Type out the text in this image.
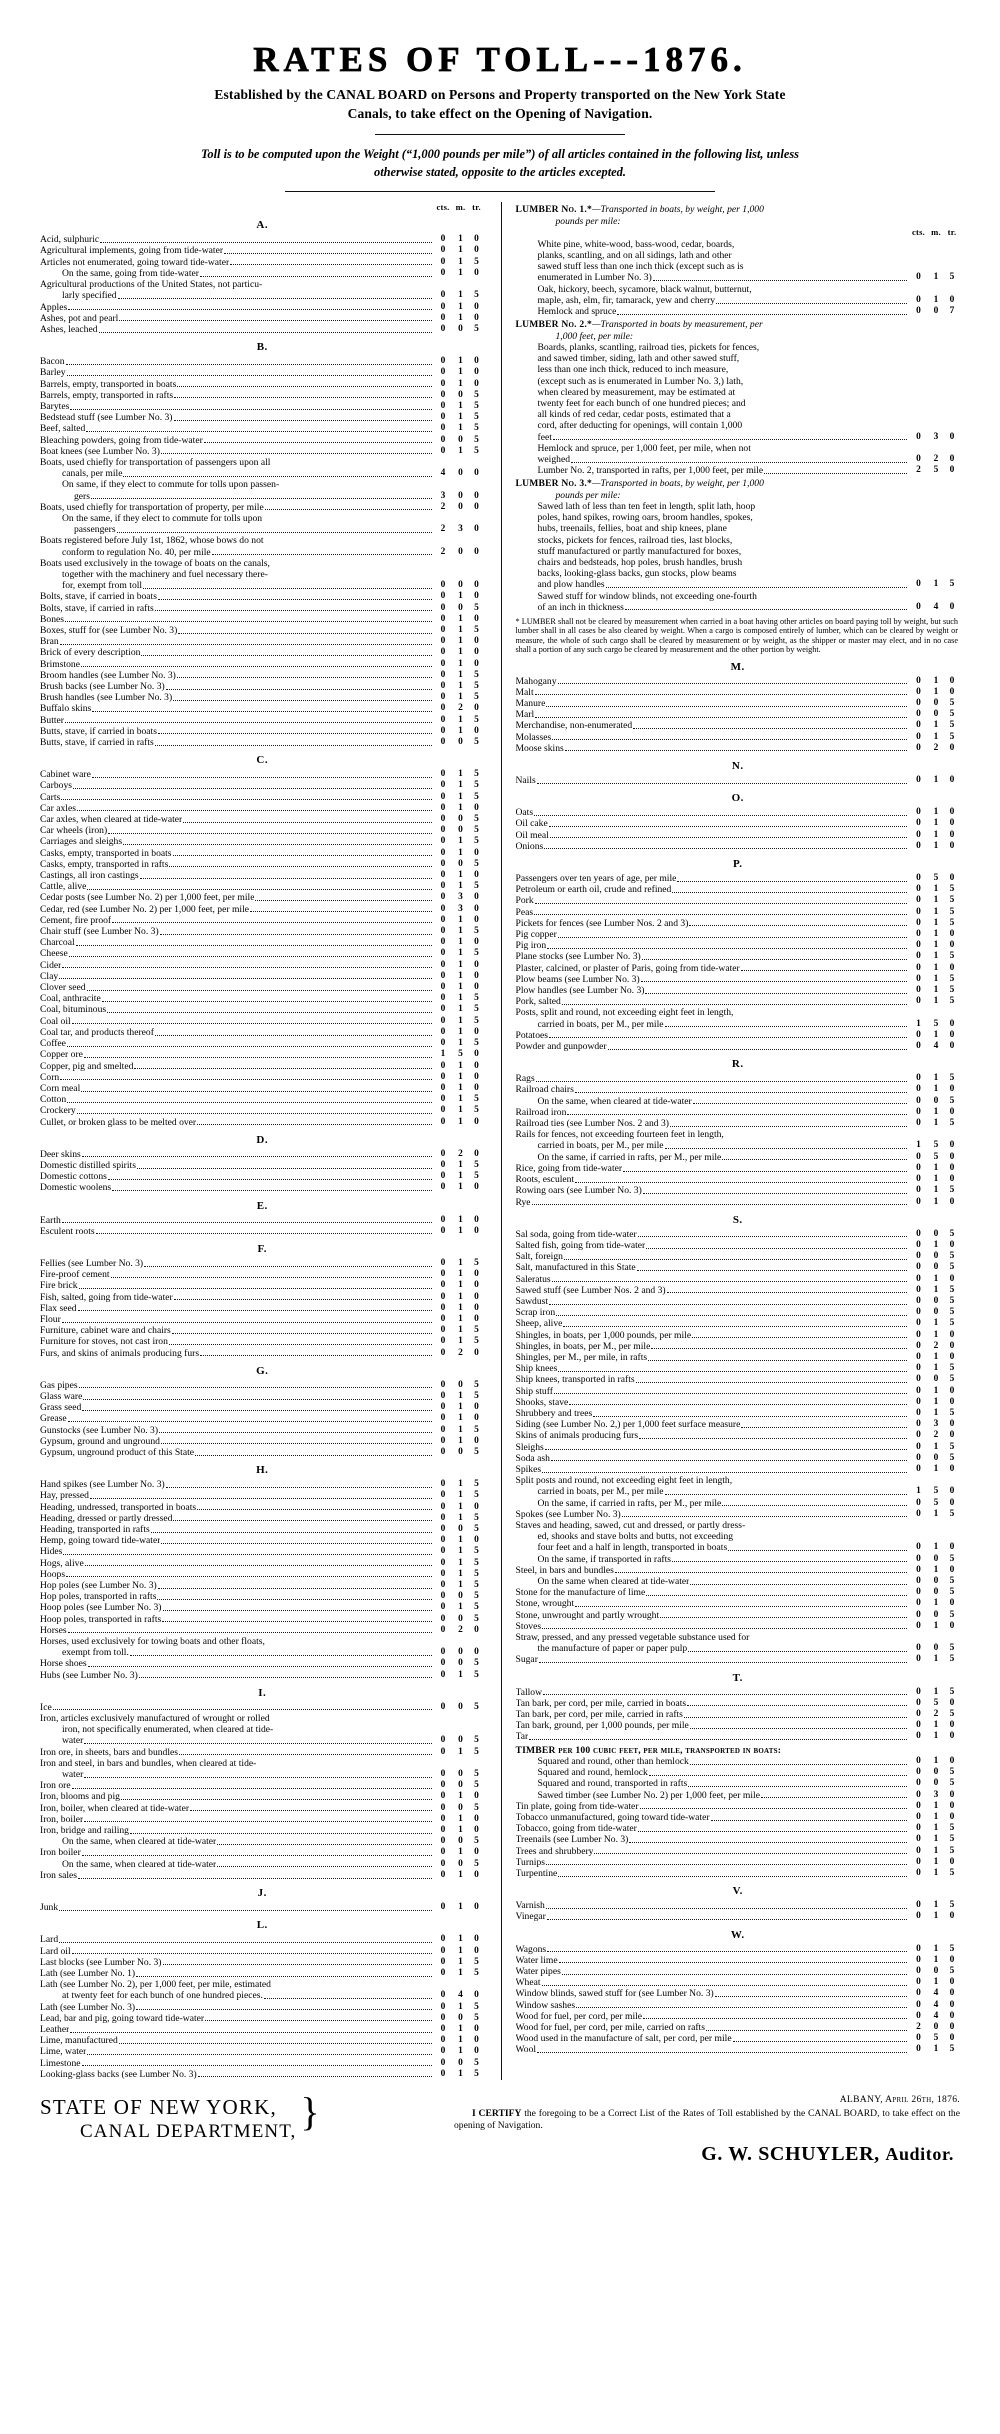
RATES OF TOLL---1876.
Established by the CANAL BOARD on Persons and Property transported on the New York State
Canals, to take effect on the Opening of Navigation.
Toll is to be computed upon the Weight (“1,000 pounds per mile”) of all articles contained in the following list, unless
otherwise stated, opposite to the articles excepted.
cts. m. tr.
A.
Acid, sulphuric	0	1	0
Agricultural implements, going from tide-water	0	1	0
Articles not enumerated, going toward tide-water	0	1	5
On the same, going from tide-water	0	1	0
Agricultural productions of the United States, not particu-
larly specified	0	1	5
Apples	0	1	0
Ashes, pot and pearl	0	1	0
Ashes, leached	0	0	5
B.
Bacon	0	1	0
Barley	0	1	0
Barrels, empty, transported in boats	0	1	0
Barrels, empty, transported in rafts	0	0	5
Barytes	0	1	5
Bedstead stuff (see Lumber No. 3)	0	1	5
Beef, salted	0	1	5
Bleaching powders, going from tide-water	0	0	5
Boat knees (see Lumber No. 3)	0	1	5
Boats, used chiefly for transportation of passengers upon all
canals, per mile	4	0	0
On same, if they elect to commute for tolls upon passen-
gers	3	0	0
Boats, used chiefly for transportation of property, per mile	2	0	0
On the same, if they elect to commute for tolls upon
passengers	2	3	0
Boats registered before July 1st, 1862, whose bows do not
conform to regulation No. 40, per mile	2	0	0
Boats used exclusively in the towage of boats on the canals,
together with the machinery and fuel necessary there-
for, exempt from toll	0	0	0
Bolts, stave, if carried in boats	0	1	0
Bolts, stave, if carried in rafts	0	0	5
Bones	0	1	0
Boxes, stuff for (see Lumber No. 3)	0	1	5
Bran	0	1	0
Brick of every description	0	1	0
Brimstone	0	1	0
Broom handles (see Lumber No. 3)	0	1	5
Brush backs (see Lumber No. 3)	0	1	5
Brush handles (see Lumber No. 3)	0	1	5
Buffalo skins	0	2	0
Butter	0	1	5
Butts, stave, if carried in boats	0	1	0
Butts, stave, if carried in rafts	0	0	5
C.
Cabinet ware	0	1	5
Carboys	0	1	5
Carts	0	1	5
Car axles	0	1	0
Car axles, when cleared at tide-water	0	0	5
Car wheels (iron)	0	0	5
Carriages and sleighs	0	1	5
Casks, empty, transported in boats	0	1	0
Casks, empty, transported in rafts	0	0	5
Castings, all iron castings	0	1	0
Cattle, alive	0	1	5
Cedar posts (see Lumber No. 2) per 1,000 feet, per mile	0	3	0
Cedar, red (see Lumber No. 2) per 1,000 feet, per mile	0	3	0
Cement, fire proof	0	1	0
Chair stuff (see Lumber No. 3)	0	1	5
Charcoal	0	1	0
Cheese	0	1	5
Cider	0	1	0
Clay	0	1	0
Clover seed	0	1	0
Coal, anthracite	0	1	5
Coal, bituminous	0	1	5
Coal oil	0	1	5
Coal tar, and products thereof	0	1	0
Coffee	0	1	5
Copper ore	1	5	0
Copper, pig and smelted	0	1	0
Corn	0	1	0
Corn meal	0	1	0
Cotton	0	1	5
Crockery	0	1	5
Cullet, or broken glass to be melted over	0	1	0
D.
Deer skins	0	2	0
Domestic distilled spirits	0	1	5
Domestic cottons	0	1	5
Domestic woolens	0	1	0
E.
Earth	0	1	0
Esculent roots	0	1	0
F.
Fellies (see Lumber No. 3)	0	1	5
Fire-proof cement	0	1	0
Fire brick	0	1	0
Fish, salted, going from tide-water	0	1	0
Flax seed	0	1	0
Flour	0	1	0
Furniture, cabinet ware and chairs	0	1	5
Furniture for stoves, not cast iron	0	1	5
Furs, and skins of animals producing furs	0	2	0
G.
Gas pipes	0	0	5
Glass ware	0	1	5
Grass seed	0	1	0
Grease	0	1	0
Gunstocks (see Lumber No. 3)	0	1	5
Gypsum, ground and unground	0	1	0
Gypsum, unground product of this State	0	0	5
H.
Hand spikes (see Lumber No. 3)	0	1	5
Hay, pressed	0	1	5
Heading, undressed, transported in boats	0	1	0
Heading, dressed or partly dressed	0	1	5
Heading, transported in rafts	0	0	5
Hemp, going toward tide-water	0	1	0
Hides	0	1	5
Hogs, alive	0	1	5
Hoops	0	1	5
Hop poles (see Lumber No. 3)	0	1	5
Hop poles, transported in rafts	0	0	5
Hoop poles (see Lumber No. 3)	0	1	5
Hoop poles, transported in rafts	0	0	5
Horses	0	2	0
Horses, used exclusively for towing boats and other floats,
exempt from toll.	0	0	0
Horse shoes	0	0	5
Hubs (see Lumber No. 3)	0	1	5
I.
Ice	0	0	5
Iron, articles exclusively manufactured of wrought or rolled
iron, not specifically enumerated, when cleared at tide-
water	0	0	5
Iron ore, in sheets, bars and bundles	0	1	5
Iron and steel, in bars and bundles, when cleared at tide-
water	0	0	5
Iron ore	0	0	5
Iron, blooms and pig	0	1	0
Iron, boiler, when cleared at tide-water	0	0	5
Iron, boiler	0	1	0
Iron, bridge and railing	0	1	0
On the same, when cleared at tide-water	0	0	5
Iron boiler	0	1	0
On the same, when cleared at tide-water	0	0	5
Iron sales	0	1	0
J.
Junk	0	1	0
L.
Lard	0	1	0
Lard oil	0	1	0
Last blocks (see Lumber No. 3)	0	1	5
Lath (see Lumber No. 1)	0	1	5
Lath (see Lumber No. 2), per 1,000 feet, per mile, estimated
at twenty feet for each bunch of one hundred pieces.	0	4	0
Lath (see Lumber No. 3)	0	1	5
Lead, bar and pig, going toward tide-water	0	0	5
Leather	0	1	0
Lime, manufactured	0	1	0
Lime, water	0	1	0
Limestone	0	0	5
Looking-glass backs (see Lumber No. 3)	0	1	5
LUMBER No. 1.*—Transported in boats, by weight, per 1,000
pounds per mile:
cts. m. tr.
White pine, white-wood, bass-wood, cedar, boards,
planks, scantling, and on all sidings, lath and other
sawed stuff less than one inch thick (except such as is
enumerated in Lumber No. 3)	0	1	5
Oak, hickory, beech, sycamore, black walnut, butternut,
maple, ash, elm, fir, tamarack, yew and cherry	0	1	0
Hemlock and spruce	0	0	7
LUMBER No. 2.*—Transported in boats by measurement, per
1,000 feet, per mile:
Boards, planks, scantling, railroad ties, pickets for fences,
and sawed timber, siding, lath and other sawed stuff,
less than one inch thick, reduced to inch measure,
(except such as is enumerated in Lumber No. 3,) lath,
when cleared by measurement, may be estimated at
twenty feet for each bunch of one hundred pieces; and
all kinds of red cedar, cedar posts, estimated that a
cord, after deducting for openings, will contain 1,000
feet	0	3	0
Hemlock and spruce, per 1,000 feet, per mile, when not
weighed	0	2	0
Lumber No. 2, transported in rafts, per 1,000 feet, per mile	2	5	0
LUMBER No. 3.*—Transported in boats, by weight, per 1,000
pounds per mile:
Sawed lath of less than ten feet in length, split lath, hoop
poles, hand spikes, rowing oars, broom handles, spokes,
hubs, treenails, fellies, boat and ship knees, plane
stocks, pickets for fences, railroad ties, last blocks,
stuff manufactured or partly manufactured for boxes,
chairs and bedsteads, hop poles, brush handles, brush
backs, looking-glass backs, gun stocks, plow beams
and plow handles	0	1	5
Sawed stuff for window blinds, not exceeding one-fourth
of an inch in thickness	0	4	0
* LUMBER shall not be cleared by measurement when carried in a boat having other articles on board paying toll by weight, but such lumber shall in all cases be also cleared by weight. When a cargo is composed entirely of lumber, which can be cleared by weight or measure, the whole of such cargo shall be cleared by measurement or by weight, as the shipper or master may elect, and in no case shall a portion of any such cargo be cleared by measurement and the other portion by weight.
M.
Mahogany	0	1	0
Malt	0	1	0
Manure	0	0	5
Marl	0	0	5
Merchandise, non-enumerated	0	1	5
Molasses	0	1	5
Moose skins	0	2	0
N.
Nails	0	1	0
O.
Oats	0	1	0
Oil cake	0	1	0
Oil meal	0	1	0
Onions	0	1	0
P.
Passengers over ten years of age, per mile	0	5	0
Petroleum or earth oil, crude and refined	0	1	5
Pork	0	1	5
Peas	0	1	5
Pickets for fences (see Lumber Nos. 2 and 3)	0	1	5
Pig copper	0	1	0
Pig iron	0	1	0
Plane stocks (see Lumber No. 3)	0	1	5
Plaster, calcined, or plaster of Paris, going from tide-water	0	1	0
Plow beams (see Lumber No. 3)	0	1	5
Plow handles (see Lumber No. 3)	0	1	5
Pork, salted	0	1	5
Posts, split and round, not exceeding eight feet in length,
carried in boats, per M., per mile	1	5	0
Potatoes	0	1	0
Powder and gunpowder	0	4	0
R.
Rags	0	1	5
Railroad chairs	0	1	0
On the same, when cleared at tide-water	0	0	5
Railroad iron	0	1	0
Railroad ties (see Lumber Nos. 2 and 3)	0	1	5
Rails for fences, not exceeding fourteen feet in length,
carried in boats, per M., per mile	1	5	0
On the same, if carried in rafts, per M., per mile	0	5	0
Rice, going from tide-water	0	1	0
Roots, esculent	0	1	0
Rowing oars (see Lumber No. 3)	0	1	5
Rye	0	1	0
S.
Sal soda, going from tide-water	0	0	5
Salted fish, going from tide-water	0	1	0
Salt, foreign	0	0	5
Salt, manufactured in this State	0	0	5
Saleratus	0	1	0
Sawed stuff (see Lumber Nos. 2 and 3)	0	1	5
Sawdust	0	0	5
Scrap iron	0	0	5
Sheep, alive	0	1	5
Shingles, in boats, per 1,000 pounds, per mile	0	1	0
Shingles, in boats, per M., per mile	0	2	0
Shingles, per M., per mile, in rafts	0	1	0
Ship knees	0	1	5
Ship knees, transported in rafts	0	0	5
Ship stuff	0	1	0
Shooks, stave	0	1	0
Shrubbery and trees	0	1	5
Siding (see Lumber No. 2,) per 1,000 feet surface measure	0	3	0
Skins of animals producing furs	0	2	0
Sleighs	0	1	5
Soda ash	0	0	5
Spikes	0	1	0
Split posts and round, not exceeding eight feet in length,
carried in boats, per M., per mile	1	5	0
On the same, if carried in rafts, per M., per mile	0	5	0
Spokes (see Lumber No. 3)	0	1	5
Staves and heading, sawed, cut and dressed, or partly dress-
ed, shooks and stave bolts and butts, not exceeding
four feet and a half in length, transported in boats	0	1	0
On the same, if transported in rafts	0	0	5
Steel, in bars and bundles	0	1	0
On the same when cleared at tide-water	0	0	5
Stone for the manufacture of lime	0	0	5
Stone, wrought	0	1	0
Stone, unwrought and partly wrought	0	0	5
Stoves	0	1	0
Straw, pressed, and any pressed vegetable substance used for
the manufacture of paper or paper pulp	0	0	5
Sugar	0	1	5
T.
Tallow	0	1	5
Tan bark, per cord, per mile, carried in boats	0	5	0
Tan bark, per cord, per mile, carried in rafts	0	2	5
Tan bark, ground, per 1,000 pounds, per mile	0	1	0
Tar	0	1	0
TIMBER per 100 cubic feet, per mile, transported in boats:
Squared and round, other than hemlock	0	1	0
Squared and round, hemlock	0	0	5
Squared and round, transported in rafts	0	0	5
Sawed timber (see Lumber No. 2) per 1,000 feet, per mile	0	3	0
Tin plate, going from tide-water	0	1	0
Tobacco unmanufactured, going toward tide-water	0	1	0
Tobacco, going from tide-water	0	1	5
Treenails (see Lumber No. 3)	0	1	5
Trees and shrubbery	0	1	5
Turnips	0	1	0
Turpentine	0	1	5
V.
Varnish	0	1	5
Vinegar	0	1	0
W.
Wagons	0	1	5
Water lime	0	1	0
Water pipes	0	0	5
Wheat	0	1	0
Window blinds, sawed stuff for (see Lumber No. 3)	0	4	0
Window sashes	0	4	0
Wood for fuel, per cord, per mile	0	4	0
Wood for fuel, per cord, per mile, carried on rafts	2	0	0
Wood used in the manufacture of salt, per cord, per mile	0	5	0
Wool	0	1	5
STATE OF NEW YORK,
CANAL DEPARTMENT, }	ALBANY, April 26th, 1876.
I CERTIFY the foregoing to be a Correct List of the Rates of Toll established by the CANAL BOARD, to take effect on the opening of Navigation.
G. W. SCHUYLER, Auditor.
